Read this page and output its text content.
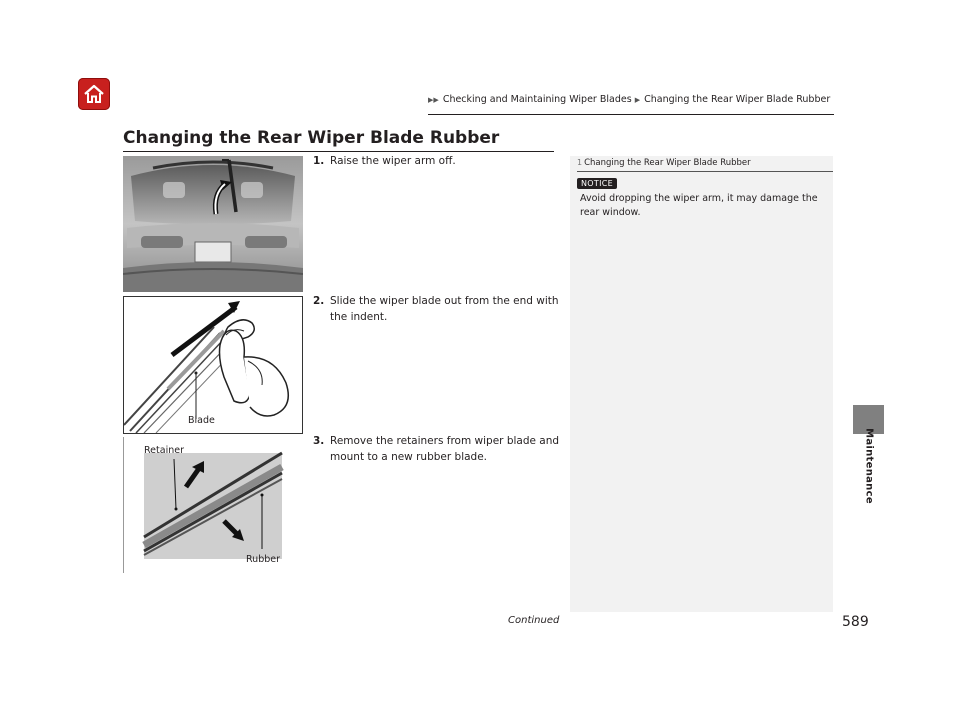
▶▶ Checking and Maintaining Wiper Blades ▶ Changing the Rear Wiper Blade Rubber
Changing the Rear Wiper Blade Rubber
Blade
Retainer
Rubber
1. Raise the wiper arm off.
2. Slide the wiper blade out from the end with the indent.
3. Remove the retainers from wiper blade and mount to a new rubber blade.
1 Changing the Rear Wiper Blade Rubber
NOTICE
Avoid dropping the wiper arm, it may damage the rear window.
Continued	589
Maintenance
